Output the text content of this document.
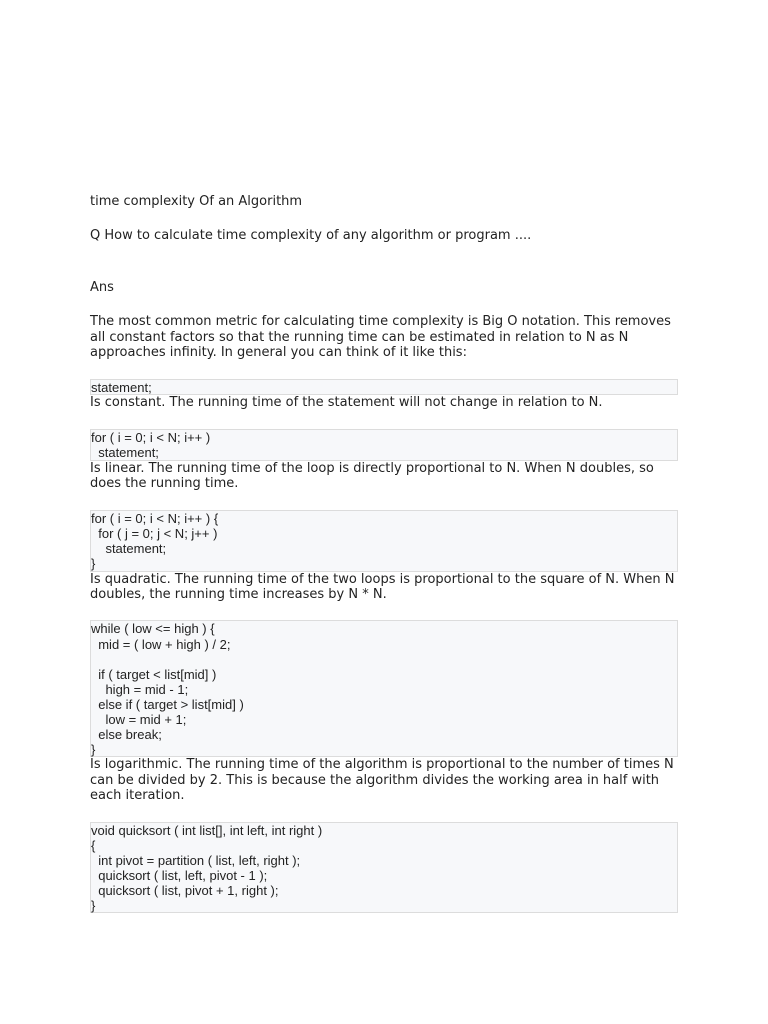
time complexity Of an Algorithm
Q How to calculate time complexity of any algorithm or program ....
Ans
The most common metric for calculating time complexity is Big O notation. This removes all constant factors so that the running time can be estimated in relation to N as N approaches infinity. In general you can think of it like this:
statement;
Is constant. The running time of the statement will not change in relation to N.
for ( i = 0; i < N; i++ )
statement;
Is linear. The running time of the loop is directly proportional to N. When N doubles, so does the running time.
for ( i = 0; i < N; i++ ) {
for ( j = 0; j < N; j++ )
statement;
}
Is quadratic. The running time of the two loops is proportional to the square of N. When N doubles, the running time increases by N * N.
while ( low <= high ) {
mid = ( low + high ) / 2;

if ( target < list[mid] )
high = mid - 1;
else if ( target > list[mid] )
low = mid + 1;
else break;
}
Is logarithmic. The running time of the algorithm is proportional to the number of times N can be divided by 2. This is because the algorithm divides the working area in half with each iteration.
void quicksort ( int list[], int left, int right )
{
int pivot = partition ( list, left, right );
quicksort ( list, left, pivot - 1 );
quicksort ( list, pivot + 1, right );
}
